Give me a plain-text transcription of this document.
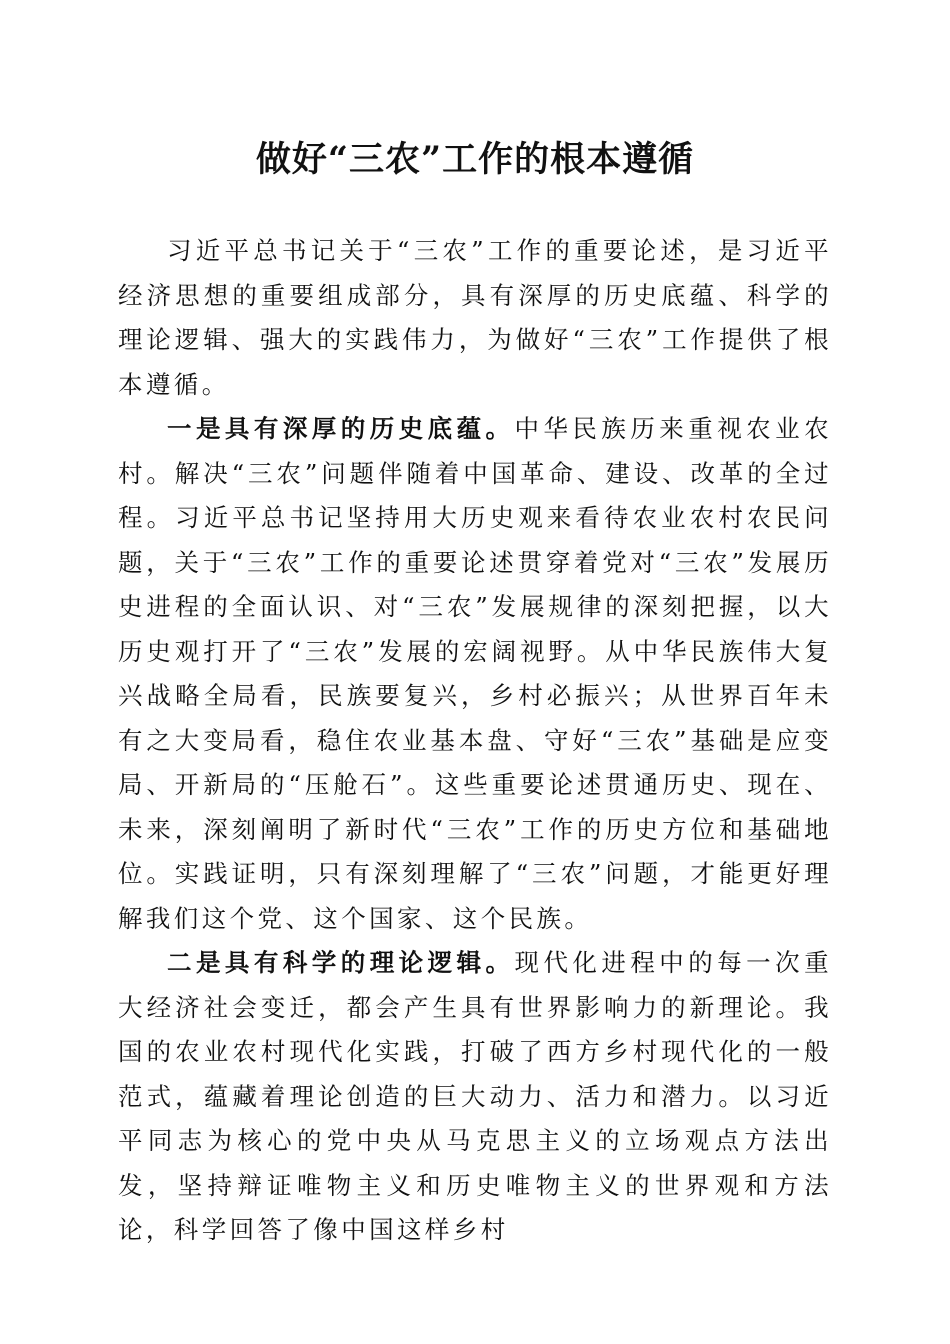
做好“三农”工作的根本遵循

习近平总书记关于“三农”工作的重要论述，是习近平经济思想的重要组成部分，具有深厚的历史底蕴、科学的理论逻辑、强大的实践伟力，为做好“三农”工作提供了根本遵循。

一是具有深厚的历史底蕴。中华民族历来重视农业农村。解决“三农”问题伴随着中国革命、建设、改革的全过程。习近平总书记坚持用大历史观来看待农业农村农民问题，关于“三农”工作的重要论述贯穿着党对“三农”发展历史进程的全面认识、对“三农”发展规律的深刻把握，以大历史观打开了“三农”发展的宏阔视野。从中华民族伟大复兴战略全局看，民族要复兴，乡村必振兴；从世界百年未有之大变局看，稳住农业基本盘、守好“三农”基础是应变局、开新局的“压舱石”。这些重要论述贯通历史、现在、未来，深刻阐明了新时代“三农”工作的历史方位和基础地位。实践证明，只有深刻理解了“三农”问题，才能更好理解我们这个党、这个国家、这个民族。

二是具有科学的理论逻辑。现代化进程中的每一次重大经济社会变迁，都会产生具有世界影响力的新理论。我国的农业农村现代化实践，打破了西方乡村现代化的一般范式，蕴藏着理论创造的巨大动力、活力和潜力。以习近平同志为核心的党中央从马克思主义的立场观点方法出发，坚持辩证唯物主义和历史唯物主义的世界观和方法论，科学回答了像中国这样乡村
